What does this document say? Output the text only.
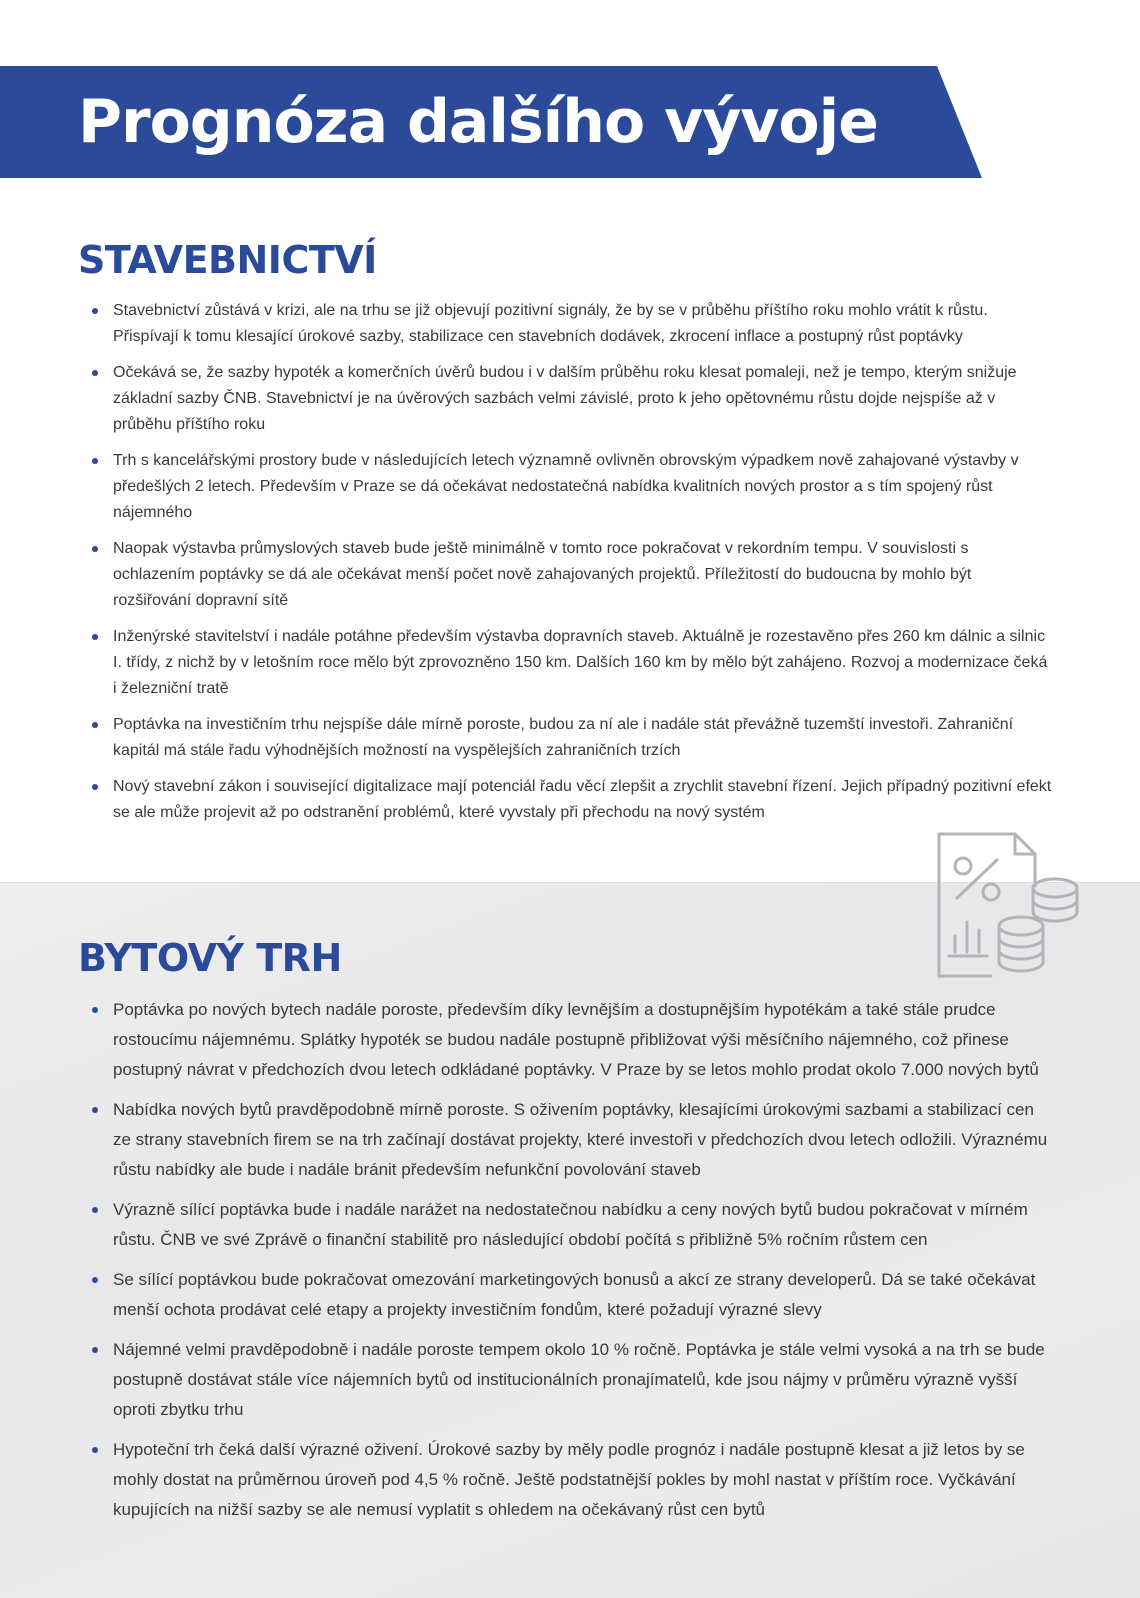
Prognóza dalšího vývoje
STAVEBNICTVÍ
Stavebnictví zůstává v krizi, ale na trhu se již objevují pozitivní signály, že by se v průběhu příštího roku mohlo vrátit k růstu. Přispívají k tomu klesající úrokové sazby, stabilizace cen stavebních dodávek, zkrocení inflace a postupný růst poptávky
Očekává se, že sazby hypoték a komerčních úvěrů budou i v dalším průběhu roku klesat pomaleji, než je tempo, kterým snižuje základní sazby ČNB. Stavebnictví je na úvěrových sazbách velmi závislé, proto k jeho opětovnému růstu dojde nejspíše až v průběhu příštího roku
Trh s kancelářskými prostory bude v následujících letech významně ovlivněn obrovským výpadkem nově zahajované výstavby v předešlých 2 letech. Především v Praze se dá očekávat nedostatečná nabídka kvalitních nových prostor a s tím spojený růst nájemného
Naopak výstavba průmyslových staveb bude ještě minimálně v tomto roce pokračovat v rekordním tempu. V souvislosti s ochlazením poptávky se dá ale očekávat menší počet nově zahajovaných projektů. Příležitostí do budoucna by mohlo být rozšiřování dopravní sítě
Inženýrské stavitelství i nadále potáhne především výstavba dopravních staveb. Aktuálně je rozestavěno přes 260 km dálnic a silnic I. třídy, z nichž by v letošním roce mělo být zprovozněno 150 km. Dalších 160 km by mělo být zahájeno. Rozvoj a modernizace čeká i železniční tratě
Poptávka na investičním trhu nejspíše dále mírně poroste, budou za ní ale i nadále stát převážně tuzemští investoři. Zahraniční kapitál má stále řadu výhodnějších možností na vyspělejších zahraničních trzích
Nový stavební zákon i související digitalizace mají potenciál řadu věcí zlepšit a zrychlit stavební řízení. Jejich případný pozitivní efekt se ale může projevit až po odstranění problémů, které vyvstaly při přechodu na nový systém
BYTOVÝ TRH
Poptávka po nových bytech nadále poroste, především díky levnějším a dostupnějším hypotékám a také stále prudce rostoucímu nájemnému. Splátky hypoték se budou nadále postupně přibližovat výši měsíčního nájemného, což přinese postupný návrat v předchozích dvou letech odkládané poptávky. V Praze by se letos mohlo prodat okolo 7.000 nových bytů
Nabídka nových bytů pravděpodobně mírně poroste. S oživením poptávky, klesajícími úrokovými sazbami a stabilizací cen ze strany stavebních firem se na trh začínají dostávat projekty, které investoři v předchozích dvou letech odložili. Výraznému růstu nabídky ale bude i nadále bránit především nefunkční povolování staveb
Výrazně sílící poptávka bude i nadále narážet na nedostatečnou nabídku a ceny nových bytů budou pokračovat v mírném růstu. ČNB ve své Zprávě o finanční stabilitě pro následující období počítá s přibližně 5% ročním růstem cen
Se sílící poptávkou bude pokračovat omezování marketingových bonusů a akcí ze strany developerů. Dá se také očekávat menší ochota prodávat celé etapy a projekty investičním fondům, které požadují výrazné slevy
Nájemné velmi pravděpodobně i nadále poroste tempem okolo 10 % ročně. Poptávka je stále velmi vysoká a na trh se bude postupně dostávat stále více nájemních bytů od institucionálních pronajímatelů, kde jsou nájmy v průměru výrazně vyšší oproti zbytku trhu
Hypoteční trh čeká další výrazné oživení. Úrokové sazby by měly podle prognóz i nadále postupně klesat a již letos by se mohly dostat na průměrnou úroveň pod 4,5 % ročně. Ještě podstatnější pokles by mohl nastat v příštím roce. Vyčkávání kupujících na nižší sazby se ale nemusí vyplatit s ohledem na očekávaný růst cen bytů
